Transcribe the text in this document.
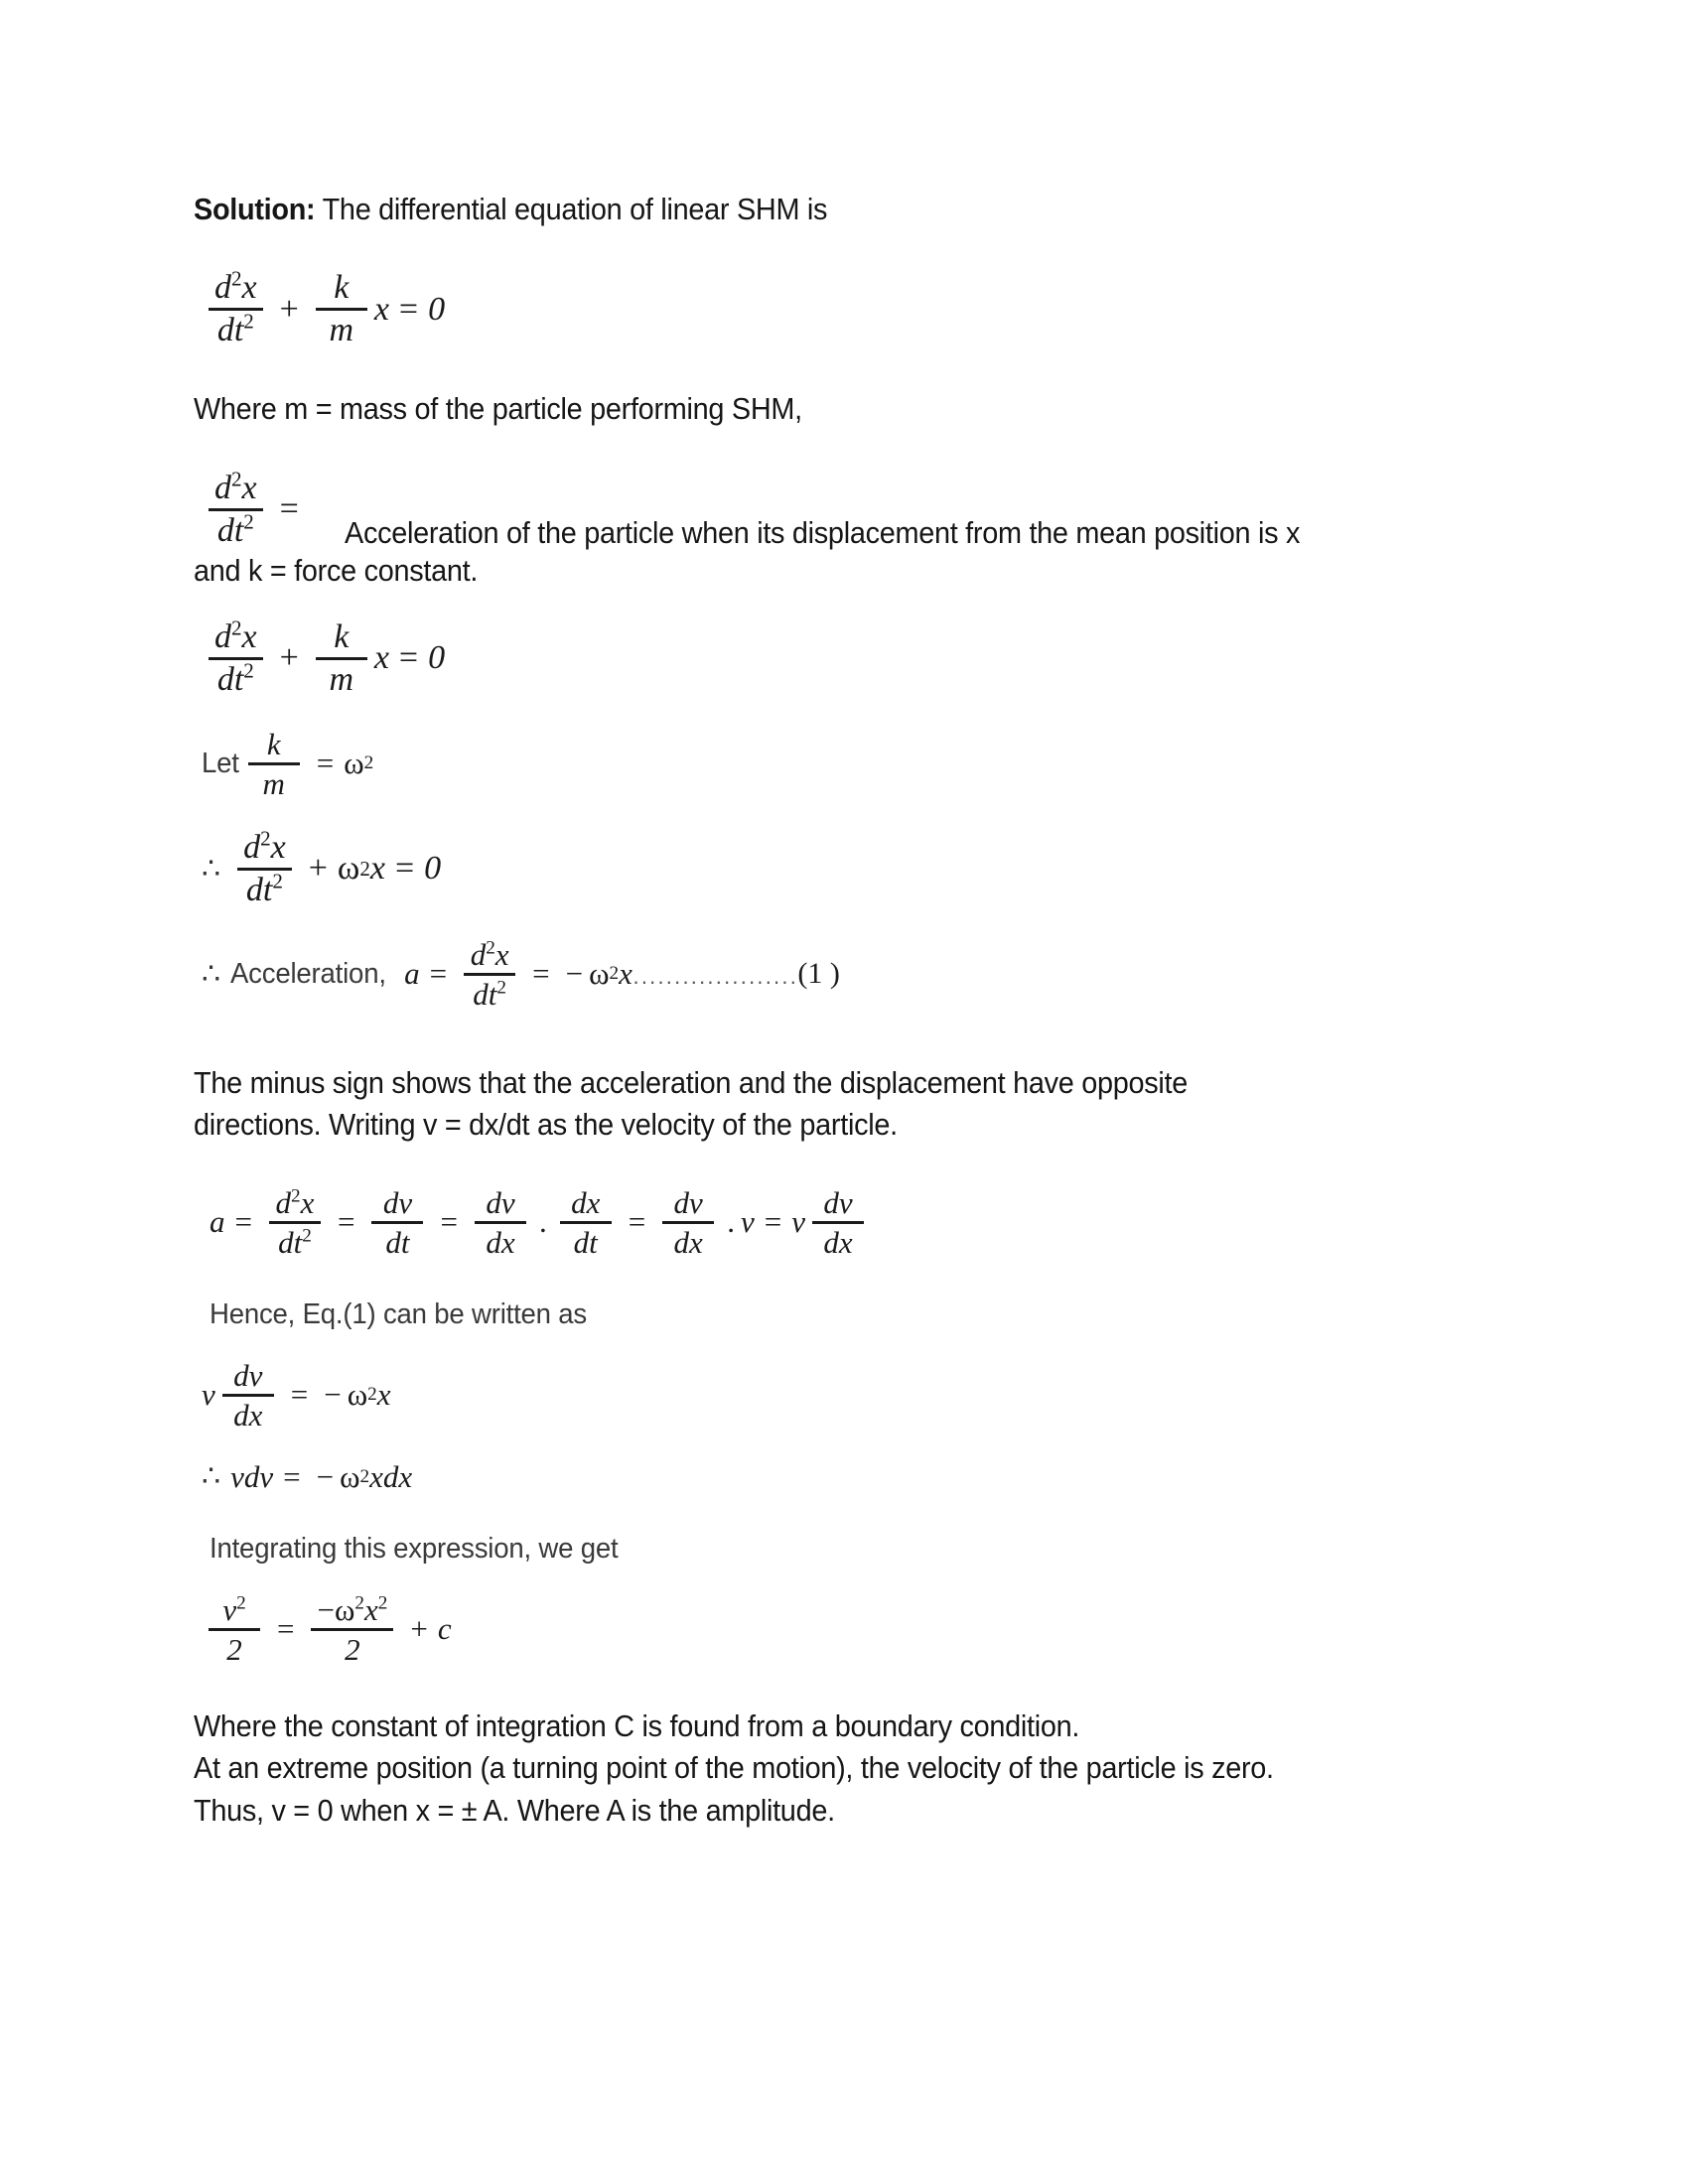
Solution: The differential equation of linear SHM is

$\frac{d^2x}{dt^2} + \frac{k}{m}$ x = 0

Where m = mass of the particle performing SHM,

$\frac{d^2x}{dt^2}$ =
Acceleration of the particle when its displacement from the mean position is x

and k = force constant.

$\frac{d^2x}{dt^2} + \frac{k}{m}$ x = 0
Let $\frac{k}{m} = \omega$ 2
∴ $\frac{d^2x}{dt^2} + \omega$ 2 x = 0
∴ Acceleration, $a = \frac{d^2x}{dt^2}$ = − ω 2 x ···················· (1 )

The minus sign shows that the acceleration and the displacement have opposite

directions. Writing v = dx/dt as the velocity of the particle.

$a = \frac{d^2x}{dt^2} = \frac{dv}{dt} = \frac{dv}{dx}$ . $\frac{dx}{dt} = \frac{dv}{dx}$ . v = ν $\frac{dv}{dx}$
Hence, Eq.(1) can be written as
ν $\frac{dv}{dx}$ = − ω 2 x
∴ νdv = − ω 2 xdx
Integrating this expression, we get
$\frac{\nu^2}{2} = \frac{-\omega^2x^2}{2} + c$

Where the constant of integration C is found from a boundary condition.

At an extreme position (a turning point of the motion), the velocity of the particle is zero.

Thus, v = 0 when x = ± A. Where A is the amplitude.
